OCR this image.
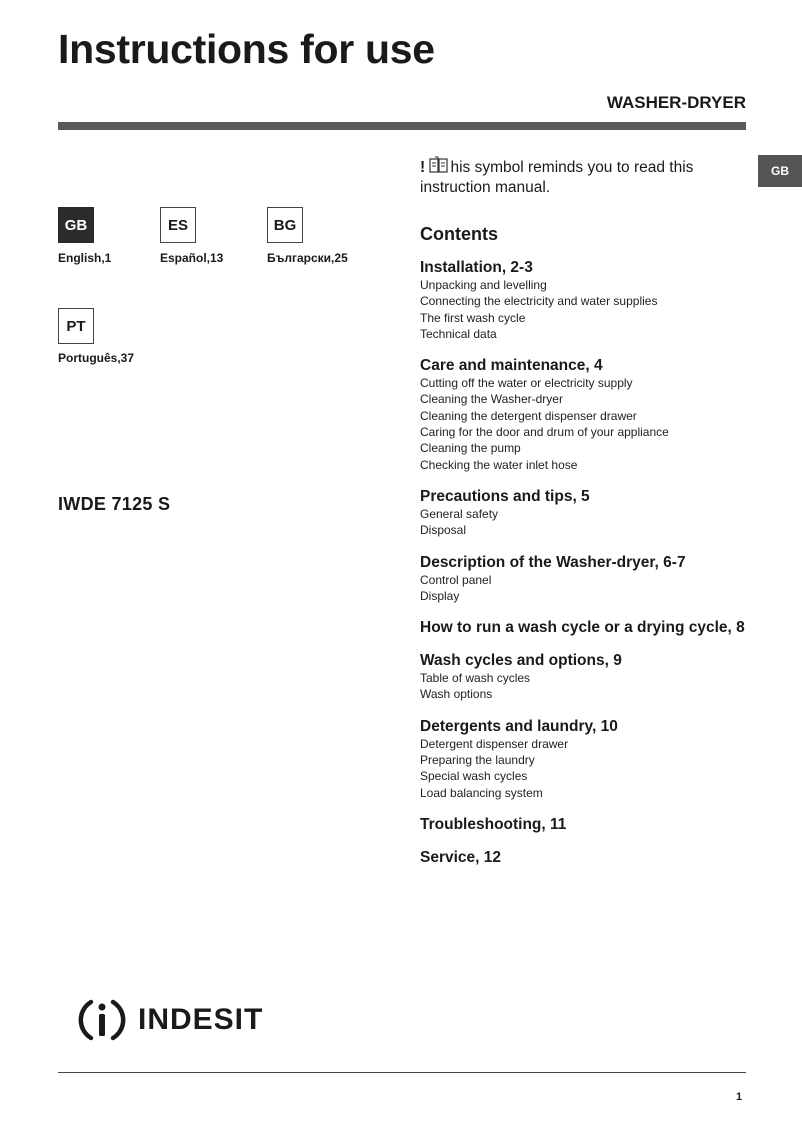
Instructions for use
WASHER-DRYER
GB
GB
English,1
ES
Español,13
BG
Български,25
PT
Português,37
IWDE 7125 S
! his symbol reminds you to read this instruction manual.
Contents
Installation, 2-3
Unpacking and levelling
Connecting the electricity and water supplies
The first wash cycle
Technical data
Care and maintenance, 4
Cutting off the water or electricity supply
Cleaning the Washer-dryer
Cleaning the detergent dispenser drawer
Caring for the door and drum of your appliance
Cleaning the pump
Checking the water inlet hose
Precautions and tips, 5
General safety
Disposal
Description of the Washer-dryer, 6-7
Control panel
Display
How to run a wash cycle or a drying cycle, 8
Wash cycles and options, 9
Table of wash cycles
Wash options
Detergents and laundry, 10
Detergent dispenser drawer
Preparing the laundry
Special wash cycles
Load balancing system
Troubleshooting, 11
Service, 12
INDESIT
1
